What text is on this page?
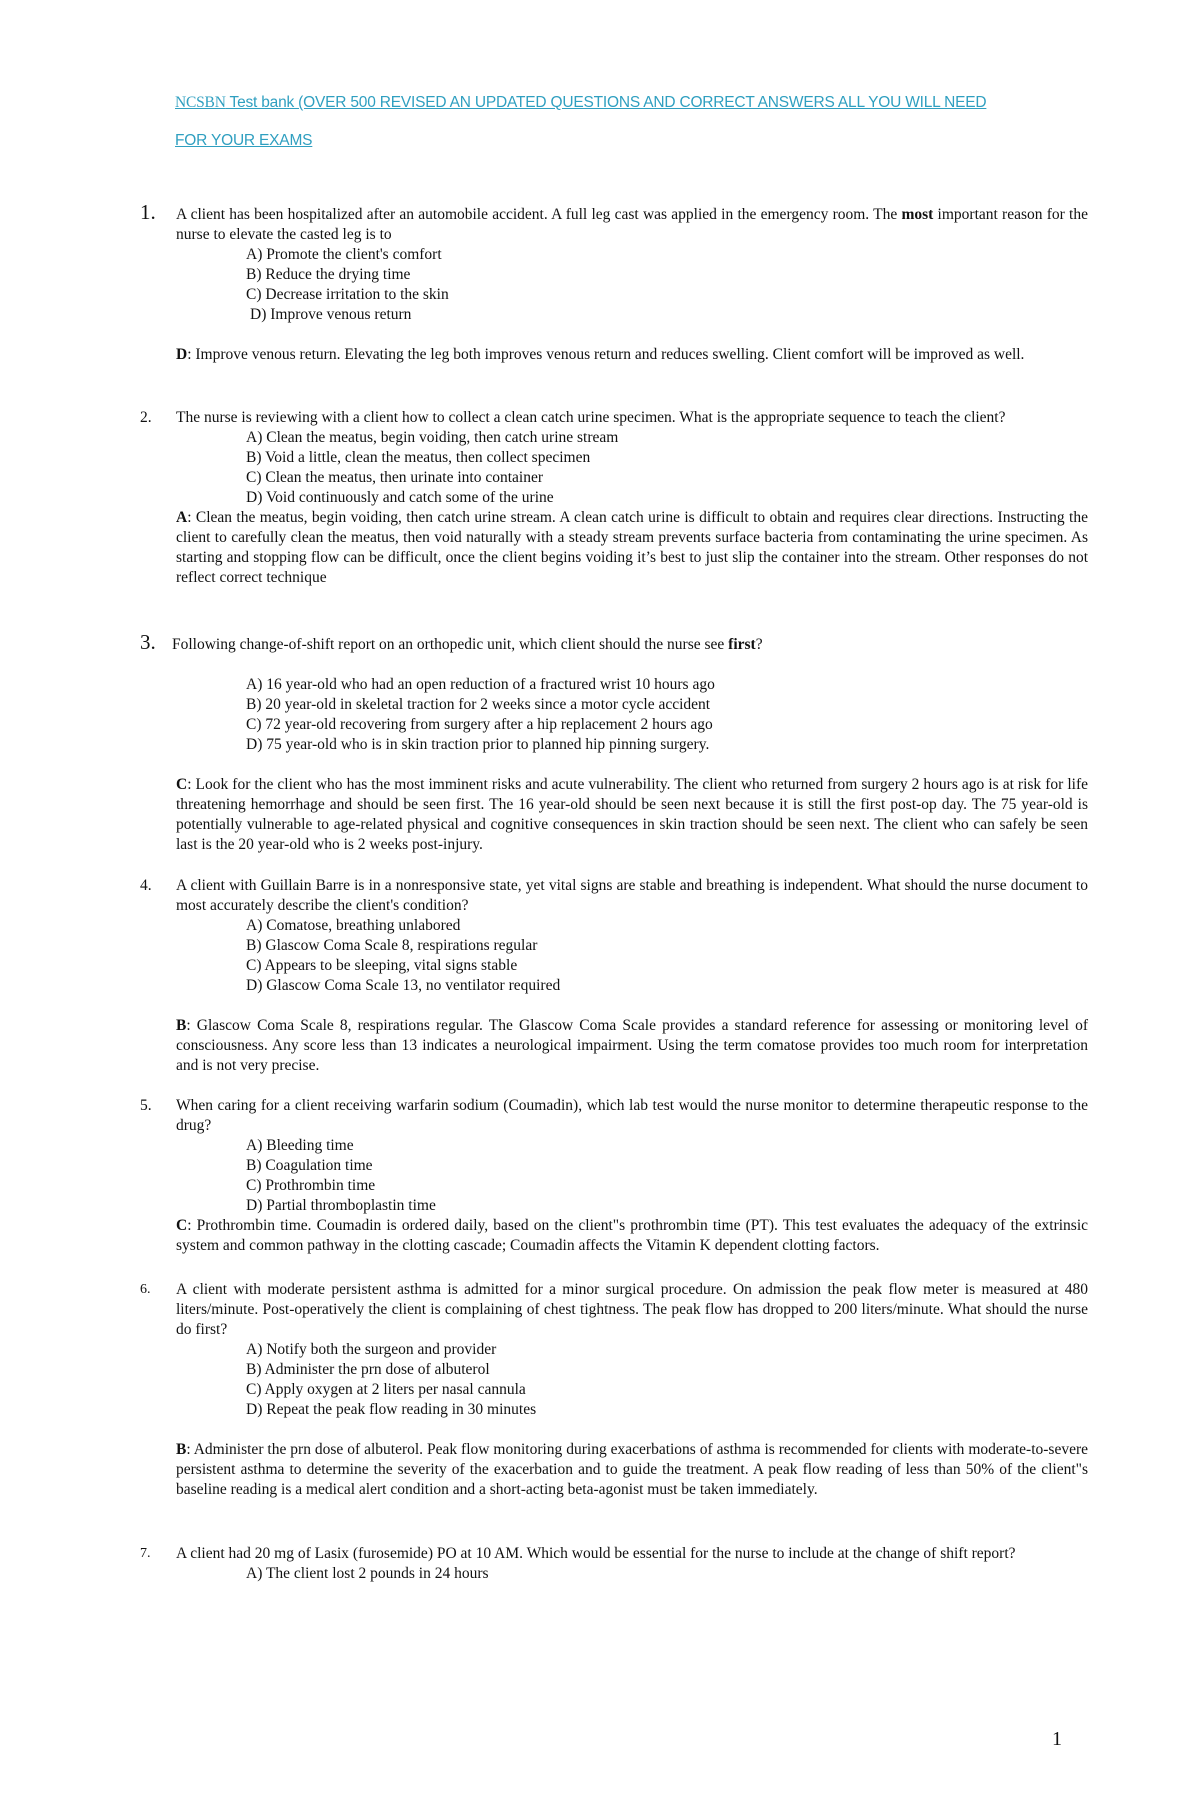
NCSBN Test bank (OVER 500 REVISED AN UPDATED QUESTIONS AND CORRECT ANSWERS ALL YOU WILL NEED
FOR YOUR EXAMS
1.	A client has been hospitalized after an automobile accident. A full leg cast was applied in the emergency room. The most important reason for the nurse to elevate the casted leg is to
A) Promote the client's comfort
B) Reduce the drying time
C) Decrease irritation to the skin
D) Improve venous return
D: Improve venous return. Elevating the leg both improves venous return and reduces swelling. Client comfort will be improved as well.
2.	The nurse is reviewing with a client how to collect a clean catch urine specimen. What is the appropriate sequence to teach the client?
A) Clean the meatus, begin voiding, then catch urine stream
B) Void a little, clean the meatus, then collect specimen
C) Clean the meatus, then urinate into container
D) Void continuously and catch some of the urine
A: Clean the meatus, begin voiding, then catch urine stream. A clean catch urine is difficult to obtain and requires clear directions. Instructing the client to carefully clean the meatus, then void naturally with a steady stream prevents surface bacteria from contaminating the urine specimen. As starting and stopping flow can be difficult, once the client begins voiding it’s best to just slip the container into the stream. Other responses do not reflect correct technique
3.	Following change-of-shift report on an orthopedic unit, which client should the nurse see first?
A) 16 year-old who had an open reduction of a fractured wrist 10 hours ago
B) 20 year-old in skeletal traction for 2 weeks since a motor cycle accident
C) 72 year-old recovering from surgery after a hip replacement 2 hours ago
D) 75 year-old who is in skin traction prior to planned hip pinning surgery.
C: Look for the client who has the most imminent risks and acute vulnerability. The client who returned from surgery 2 hours ago is at risk for life threatening hemorrhage and should be seen first. The 16 year-old should be seen next because it is still the first post-op day. The 75 year-old is potentially vulnerable to age-related physical and cognitive consequences in skin traction should be seen next. The client who can safely be seen last is the 20 year-old who is 2 weeks post-injury.
4.	A client with Guillain Barre is in a nonresponsive state, yet vital signs are stable and breathing is independent. What should the nurse document to most accurately describe the client's condition?
A) Comatose, breathing unlabored
B) Glascow Coma Scale 8, respirations regular
C) Appears to be sleeping, vital signs stable
D) Glascow Coma Scale 13, no ventilator required
B: Glascow Coma Scale 8, respirations regular. The Glascow Coma Scale provides a standard reference for assessing or monitoring level of consciousness. Any score less than 13 indicates a neurological impairment. Using the term comatose provides too much room for interpretation and is not very precise.
5.	When caring for a client receiving warfarin sodium (Coumadin), which lab test would the nurse monitor to determine therapeutic response to the drug?
A) Bleeding time
B) Coagulation time
C) Prothrombin time
D) Partial thromboplastin time
C: Prothrombin time. Coumadin is ordered daily, based on the client"s prothrombin time (PT). This test evaluates the adequacy of the extrinsic system and common pathway in the clotting cascade; Coumadin affects the Vitamin K dependent clotting factors.
6.	A client with moderate persistent asthma is admitted for a minor surgical procedure. On admission the peak flow meter is measured at 480 liters/minute. Post-operatively the client is complaining of chest tightness. The peak flow has dropped to 200 liters/minute. What should the nurse do first?
A) Notify both the surgeon and provider
B) Administer the prn dose of albuterol
C) Apply oxygen at 2 liters per nasal cannula
D) Repeat the peak flow reading in 30 minutes
B: Administer the prn dose of albuterol. Peak flow monitoring during exacerbations of asthma is recommended for clients with moderate-to-severe persistent asthma to determine the severity of the exacerbation and to guide the treatment. A peak flow reading of less than 50% of the client"s baseline reading is a medical alert condition and a short-acting beta-agonist must be taken immediately.
7.	A client had 20 mg of Lasix (furosemide) PO at 10 AM. Which would be essential for the nurse to include at the change of shift report?
A) The client lost 2 pounds in 24 hours
1
